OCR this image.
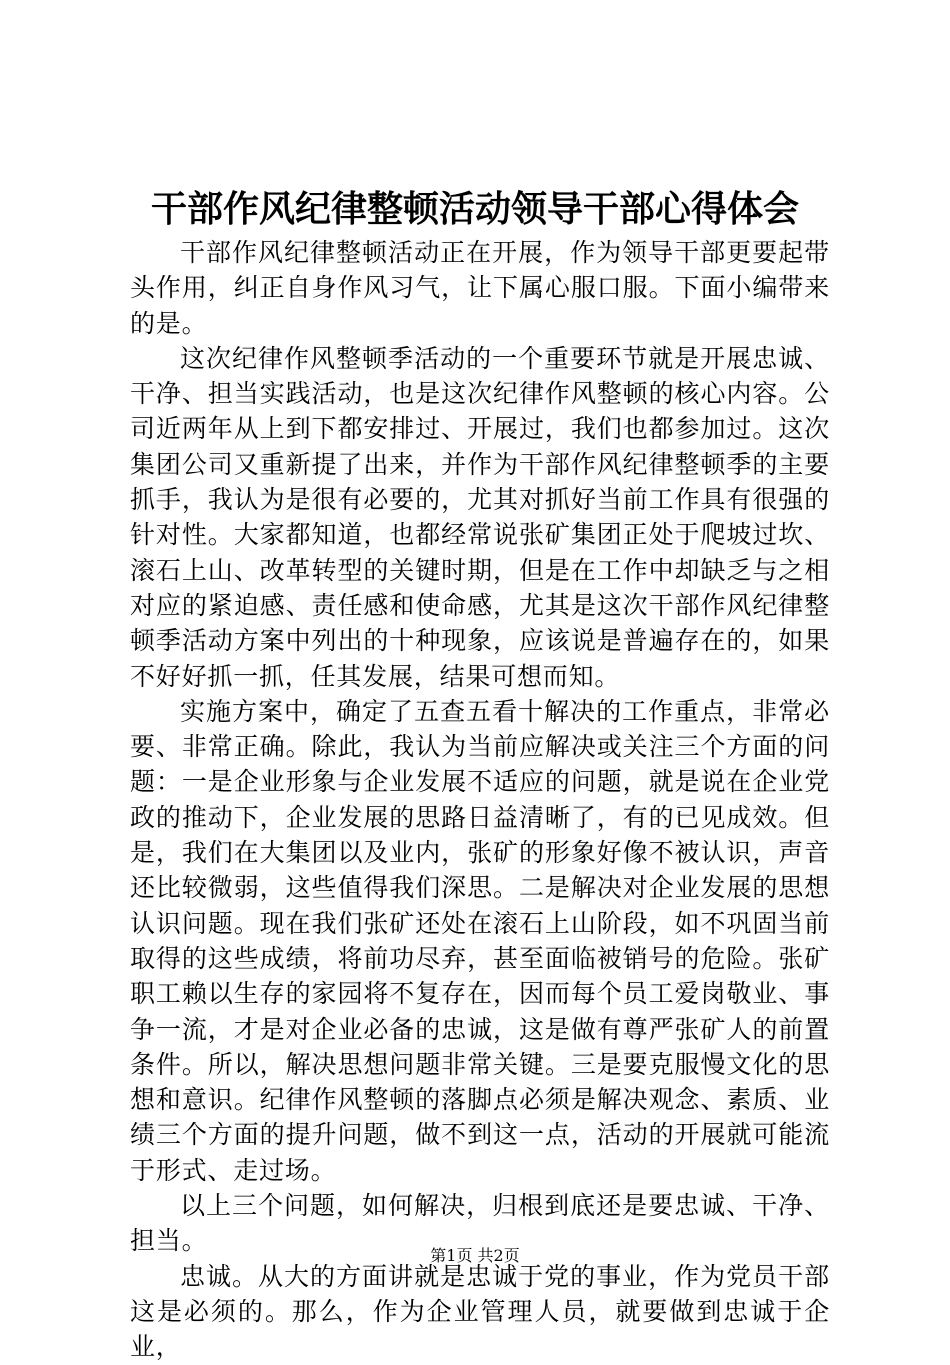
干部作风纪律整顿活动领导干部心得体会

干部作风纪律整顿活动正在开展，作为领导干部更要起带头作用，纠正自身作风习气，让下属心服口服。下面小编带来的是。

这次纪律作风整顿季活动的一个重要环节就是开展忠诚、干净、担当实践活动，也是这次纪律作风整顿的核心内容。公司近两年从上到下都安排过、开展过，我们也都参加过。这次集团公司又重新提了出来，并作为干部作风纪律整顿季的主要抓手，我认为是很有必要的，尤其对抓好当前工作具有很强的针对性。大家都知道，也都经常说张矿集团正处于爬坡过坎、滚石上山、改革转型的关键时期，但是在工作中却缺乏与之相对应的紧迫感、责任感和使命感，尤其是这次干部作风纪律整顿季活动方案中列出的十种现象，应该说是普遍存在的，如果不好好抓一抓，任其发展，结果可想而知。

实施方案中，确定了五查五看十解决的工作重点，非常必要、非常正确。除此，我认为当前应解决或关注三个方面的问题：一是企业形象与企业发展不适应的问题，就是说在企业党政的推动下，企业发展的思路日益清晰了，有的已见成效。但是，我们在大集团以及业内，张矿的形象好像不被认识，声音还比较微弱，这些值得我们深思。二是解决对企业发展的思想认识问题。现在我们张矿还处在滚石上山阶段，如不巩固当前取得的这些成绩，将前功尽弃，甚至面临被销号的危险。张矿职工赖以生存的家园将不复存在，因而每个员工爱岗敬业、事争一流，才是对企业必备的忠诚，这是做有尊严张矿人的前置条件。所以，解决思想问题非常关键。三是要克服慢文化的思想和意识。纪律作风整顿的落脚点必须是解决观念、素质、业绩三个方面的提升问题，做不到这一点，活动的开展就可能流于形式、走过场。

以上三个问题，如何解决，归根到底还是要忠诚、干净、担当。

忠诚。从大的方面讲就是忠诚于党的事业，作为党员干部这是必须的。那么，作为企业管理人员，就要做到忠诚于企业，

第1页 共2页
